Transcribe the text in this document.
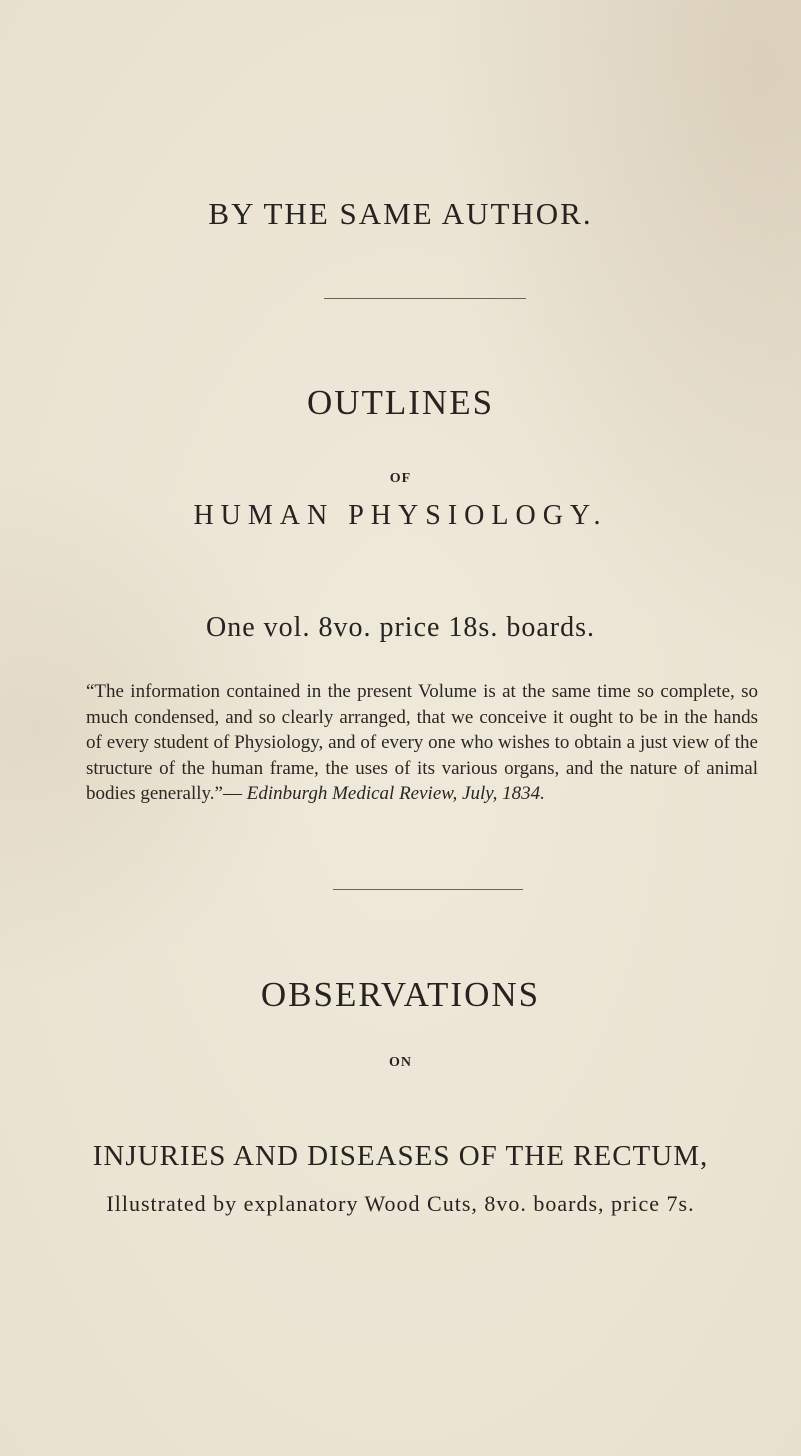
BY THE SAME AUTHOR.
OUTLINES
OF
HUMAN PHYSIOLOGY.
One vol. 8vo. price 18s. boards.
“The information contained in the present Volume is at the same time so complete, so much condensed, and so clearly arranged, that we conceive it ought to be in the hands of every student of Physiology, and of every one who wishes to obtain a just view of the structure of the human frame, the uses of its various organs, and the nature of animal bodies generally.”— Edinburgh Medical Review, July, 1834.
OBSERVATIONS
ON
INJURIES AND DISEASES OF THE RECTUM,
Illustrated by explanatory Wood Cuts, 8vo. boards, price 7s.
